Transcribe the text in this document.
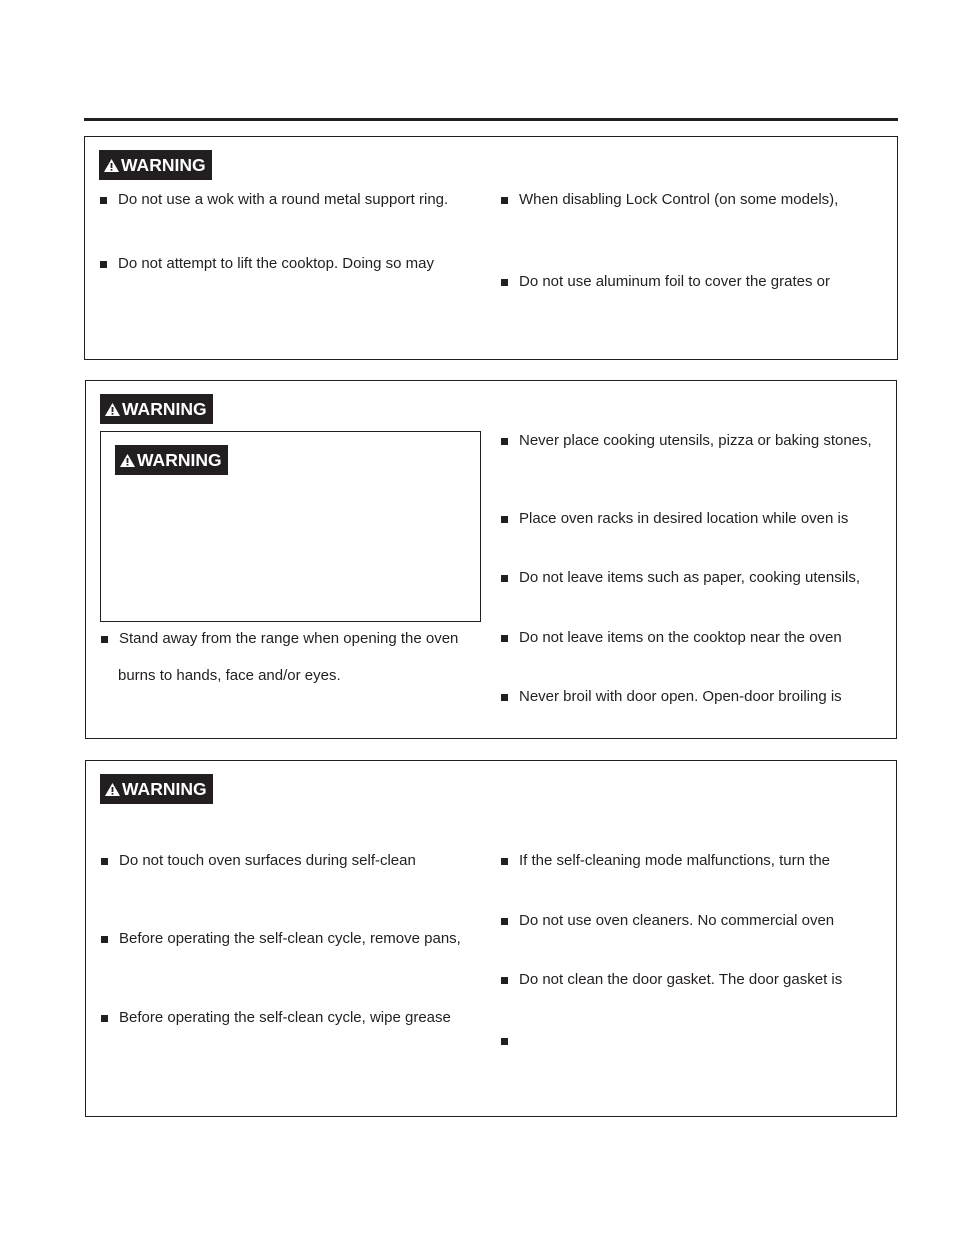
WARNING
Do not use a wok with a round metal support ring.
Do not attempt to lift the cooktop. Doing so may
When disabling Lock Control (on some models),
Do not use aluminum foil to cover the grates or
WARNING
WARNING
Stand away from the range when opening the oven
burns to hands, face and/or eyes.
Never place cooking utensils, pizza or baking stones,
Place oven racks in desired location while oven is
Do not leave items such as paper, cooking utensils,
Do not leave items on the cooktop near the oven
Never broil with door open. Open-door broiling is
WARNING
Do not touch oven surfaces during self-clean
Before operating the self-clean cycle, remove pans,
Before operating the self-clean cycle, wipe grease
If the self-cleaning mode malfunctions, turn the
Do not use oven cleaners. No commercial oven
Do not clean the door gasket. The door gasket is
